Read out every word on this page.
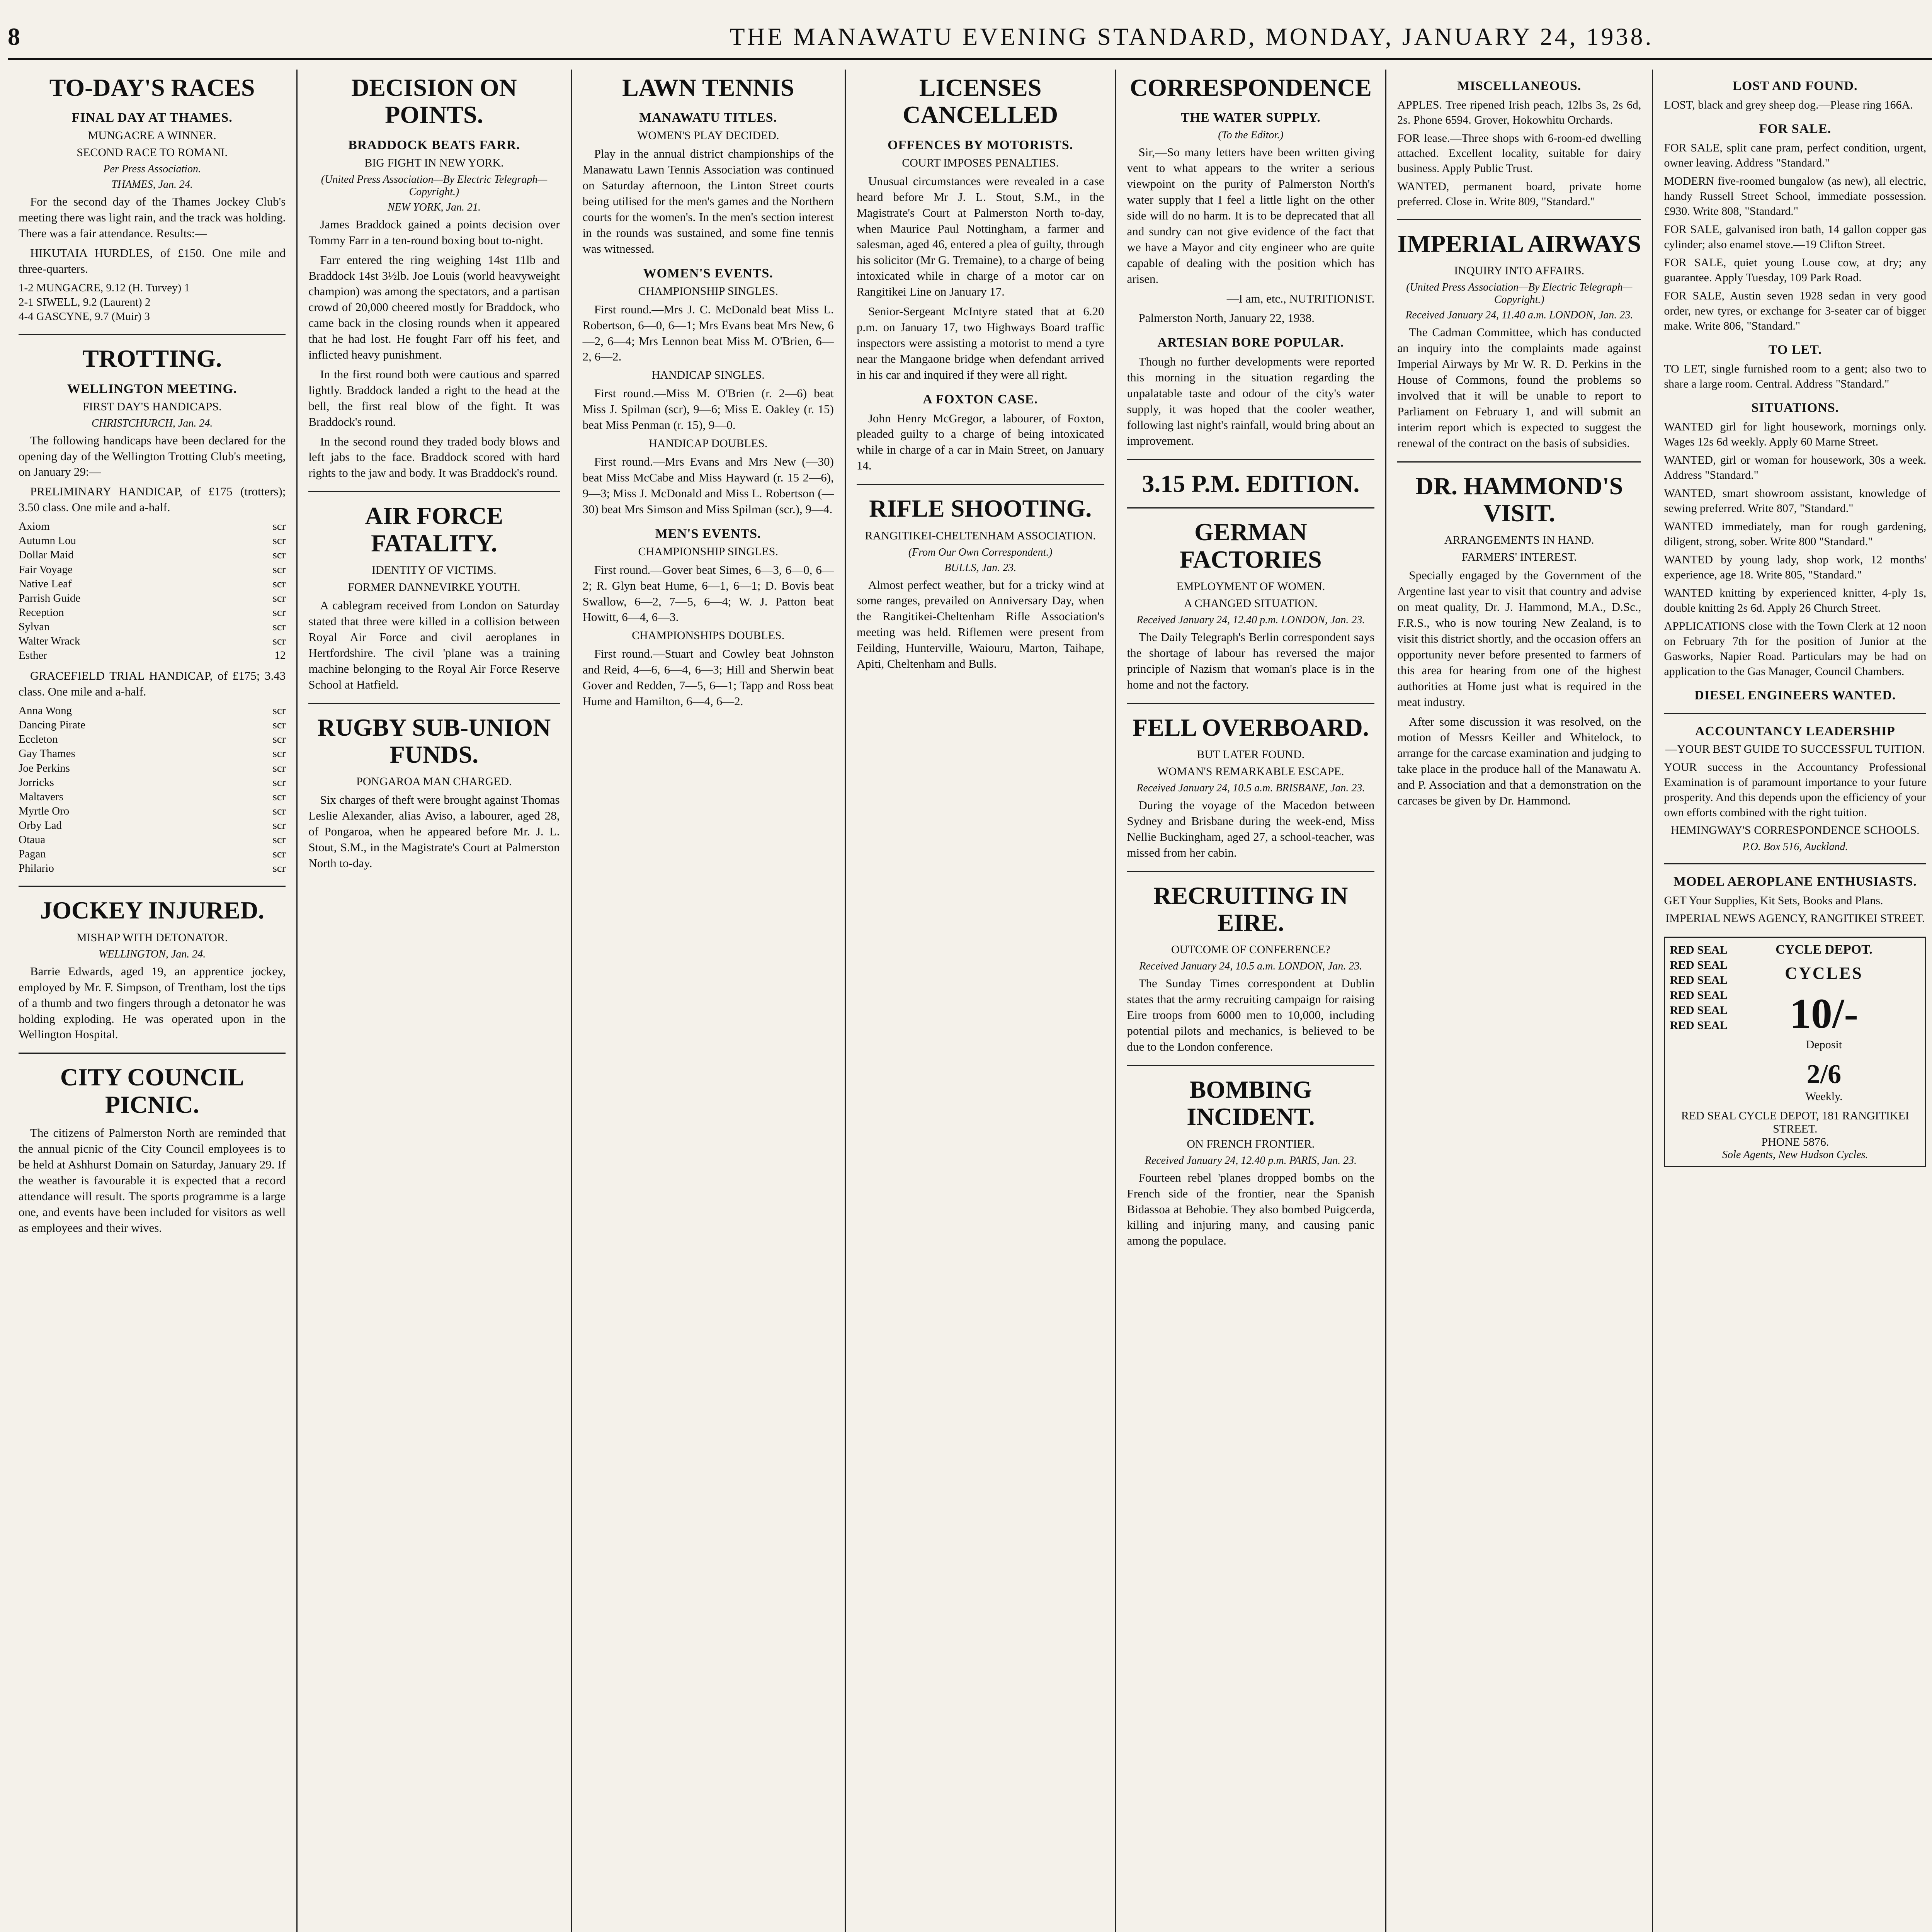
8	THE MANAWATU EVENING STANDARD, MONDAY, JANUARY 24, 1938.
TO-DAY'S RACES
FINAL DAY AT THAMES.
MUNGACRE A WINNER.
SECOND RACE TO ROMANI.
Per Press Association.
THAMES, Jan. 24.

For the second day of the Thames Jockey Club's meeting there was light rain, and the track was holding. There was a fair attendance. Results:—

HIKUTAIA HURDLES, of £150. One mile and three-quarters.

1-2 MUNGACRE, 9.12 (H. Turvey) 1
2-1 SIWELL, 9.2 (Laurent) 2
4-4 GASCYNE, 9.7 (Muir) 3
TROTTING.
WELLINGTON MEETING.
FIRST DAY'S HANDICAPS.
CHRISTCHURCH, Jan. 24.

The following handicaps have been declared for the opening day of the Wellington Trotting Club's meeting, on January 29:—

PRELIMINARY HANDICAP, of £175 (trotters); 3.50 class. One mile and a-half.

Axiom	scr
Autumn Lou	scr
Dollar Maid	scr
Fair Voyage	scr
Native Leaf	scr
Parrish Guide	scr
Reception	scr
Sylvan	scr
Walter Wrack	scr
Esther	12

GRACEFIELD TRIAL HANDICAP, of £175; 3.43 class. One mile and a-half.

Anna Wong	scr
Dancing Pirate	scr
Eccleton	scr
Gay Thames	scr
Joe Perkins	scr
Jorricks	scr
Maltavers	scr
Myrtle Oro	scr
Orby Lad	scr
Otaua	scr
Pagan	scr
Philario	scr
JOCKEY INJURED.
MISHAP WITH DETONATOR.
WELLINGTON, Jan. 24.

Barrie Edwards, aged 19, an apprentice jockey, employed by Mr. F. Simpson, of Trentham, lost the tips of a thumb and two fingers through a detonator he was holding exploding. He was operated upon in the Wellington Hospital.

CITY COUNCIL PICNIC.

The citizens of Palmerston North are reminded that the annual picnic of the City Council employees is to be held at Ashhurst Domain on Saturday, January 29. If the weather is favourable it is expected that a record attendance will result. The sports programme is a large one, and events have been included for visitors as well as employees and their wives.

DECISION ON POINTS.
BRADDOCK BEATS FARR.
BIG FIGHT IN NEW YORK.
(United Press Association—By Electric Telegraph—Copyright.)
NEW YORK, Jan. 21.

James Braddock gained a points decision over Tommy Farr in a ten-round boxing bout to-night.

Farr entered the ring weighing 14st 11lb and Braddock 14st 3½lb. Joe Louis (world heavyweight champion) was among the spectators, and a partisan crowd of 20,000 cheered mostly for Braddock, who came back in the closing rounds when it appeared that he had lost. He fought Farr off his feet, and inflicted heavy punishment.

In the first round both were cautious and sparred lightly. Braddock landed a right to the head at the bell, the first real blow of the fight. It was Braddock's round.

In the second round they traded body blows and left jabs to the face. Braddock scored with hard rights to the jaw and body. It was Braddock's round.

AIR FORCE FATALITY.
IDENTITY OF VICTIMS.
FORMER DANNEVIRKE YOUTH.

A cablegram received from London on Saturday stated that three were killed in a collision between Royal Air Force and civil aeroplanes in Hertfordshire. The civil 'plane was a training machine belonging to the Royal Air Force Reserve School at Hatfield.

RUGBY SUB-UNION FUNDS.
PONGAROA MAN CHARGED.

Six charges of theft were brought against Thomas Leslie Alexander, alias Aviso, a labourer, aged 28, of Pongaroa, when he appeared before Mr. J. L. Stout, S.M., in the Magistrate's Court at Palmerston North to-day.

LAWN TENNIS
MANAWATU TITLES.
WOMEN'S PLAY DECIDED.

Play in the annual district championships of the Manawatu Lawn Tennis Association was continued on Saturday afternoon, the Linton Street courts being utilised for the men's games and the Northern courts for the women's. In the men's section interest in the rounds was sustained, and some fine tennis was witnessed.

WOMEN'S EVENTS.
CHAMPIONSHIP SINGLES.

First round.—Mrs J. C. McDonald beat Miss L. Robertson, 6—0, 6—1; Mrs Evans beat Mrs New, 6—2, 6—4; Mrs Lennon beat Miss M. O'Brien, 6—2, 6—2.

HANDICAP SINGLES.

First round.—Miss M. O'Brien (r. 2—6) beat Miss J. Spilman (scr), 9—6; Miss E. Oakley (r. 15) beat Miss Penman (r. 15), 9—0.

HANDICAP DOUBLES.

First round.—Mrs Evans and Mrs New (—30) beat Miss McCabe and Miss Hayward (r. 15 2—6), 9—3; Miss J. McDonald and Miss L. Robertson (—30) beat Mrs Simson and Miss Spilman (scr.), 9—4.

MEN'S EVENTS.
CHAMPIONSHIP SINGLES.

First round.—Gover beat Simes, 6—3, 6—0, 6—2; R. Glyn beat Hume, 6—1, 6—1; D. Bovis beat Swallow, 6—2, 7—5, 6—4; W. J. Patton beat Howitt, 6—4, 6—3.

CHAMPIONSHIPS DOUBLES.

First round.—Stuart and Cowley beat Johnston and Reid, 4—6, 6—4, 6—3; Hill and Sherwin beat Gover and Redden, 7—5, 6—1; Tapp and Ross beat Hume and Hamilton, 6—4, 6—2.

LICENSES CANCELLED
OFFENCES BY MOTORISTS.
COURT IMPOSES PENALTIES.

Unusual circumstances were revealed in a case heard before Mr J. L. Stout, S.M., in the Magistrate's Court at Palmerston North to-day, when Maurice Paul Nottingham, a farmer and salesman, aged 46, entered a plea of guilty, through his solicitor (Mr G. Tremaine), to a charge of being intoxicated while in charge of a motor car on Rangitikei Line on January 17.

Senior-Sergeant McIntyre stated that at 6.20 p.m. on January 17, two Highways Board traffic inspectors were assisting a motorist to mend a tyre near the Mangaone bridge when defendant arrived in his car and inquired if they were all right.

A FOXTON CASE.

John Henry McGregor, a labourer, of Foxton, pleaded guilty to a charge of being intoxicated while in charge of a car in Main Street, on January 14.

RIFLE SHOOTING.
RANGITIKEI-CHELTENHAM ASSOCIATION.
(From Our Own Correspondent.)
BULLS, Jan. 23.

Almost perfect weather, but for a tricky wind at some ranges, prevailed on Anniversary Day, when the Rangitikei-Cheltenham Rifle Association's meeting was held. Riflemen were present from Feilding, Hunterville, Waiouru, Marton, Taihape, Apiti, Cheltenham and Bulls.

CORRESPONDENCE
THE WATER SUPPLY.
(To the Editor.)

Sir,—So many letters have been written giving vent to what appears to the writer a serious viewpoint on the purity of Palmerston North's water supply that I feel a little light on the other side will do no harm. It is to be deprecated that all and sundry can not give evidence of the fact that we have a Mayor and city engineer who are quite capable of dealing with the position which has arisen.

—I am, etc., NUTRITIONIST.

Palmerston North, January 22, 1938.

ARTESIAN BORE POPULAR.

Though no further developments were reported this morning in the situation regarding the unpalatable taste and odour of the city's water supply, it was hoped that the cooler weather, following last night's rainfall, would bring about an improvement.

3.15 P.M. EDITION.
GERMAN FACTORIES
EMPLOYMENT OF WOMEN.
A CHANGED SITUATION.
Received January 24, 12.40 p.m. LONDON, Jan. 23.

The Daily Telegraph's Berlin correspondent says the shortage of labour has reversed the major principle of Nazism that woman's place is in the home and not the factory.

FELL OVERBOARD.
BUT LATER FOUND.
WOMAN'S REMARKABLE ESCAPE.
Received January 24, 10.5 a.m. BRISBANE, Jan. 23.

During the voyage of the Macedon between Sydney and Brisbane during the week-end, Miss Nellie Buckingham, aged 27, a school-teacher, was missed from her cabin.

RECRUITING IN EIRE.
OUTCOME OF CONFERENCE?
Received January 24, 10.5 a.m. LONDON, Jan. 23.

The Sunday Times correspondent at Dublin states that the army recruiting campaign for raising Eire troops from 6000 men to 10,000, including potential pilots and mechanics, is believed to be due to the London conference.

BOMBING INCIDENT.
ON FRENCH FRONTIER.
Received January 24, 12.40 p.m. PARIS, Jan. 23.

Fourteen rebel 'planes dropped bombs on the French side of the frontier, near the Spanish Bidassoa at Behobie. They also bombed Puigcerda, killing and injuring many, and causing panic among the populace.

MISCELLANEOUS.
APPLES. Tree ripened Irish peach, 12lbs 3s, 2s 6d, 2s. Phone 6594. Grover, Hokowhitu Orchards.
FOR lease.—Three shops with 6-room-ed dwelling attached. Excellent locality, suitable for dairy business. Apply Public Trust.
WANTED, permanent board, private home preferred. Close in. Write 809, "Standard."
IMPERIAL AIRWAYS
INQUIRY INTO AFFAIRS.
(United Press Association—By Electric Telegraph—Copyright.)
Received January 24, 11.40 a.m. LONDON, Jan. 23.

The Cadman Committee, which has conducted an inquiry into the complaints made against Imperial Airways by Mr W. R. D. Perkins in the House of Commons, found the problems so involved that it will be unable to report to Parliament on February 1, and will submit an interim report which is expected to suggest the renewal of the contract on the basis of subsidies.

DR. HAMMOND'S VISIT.
ARRANGEMENTS IN HAND.
FARMERS' INTEREST.

Specially engaged by the Government of the Argentine last year to visit that country and advise on meat quality, Dr. J. Hammond, M.A., D.Sc., F.R.S., who is now touring New Zealand, is to visit this district shortly, and the occasion offers an opportunity never before presented to farmers of this area for hearing from one of the highest authorities at Home just what is required in the meat industry.

After some discussion it was resolved, on the motion of Messrs Keiller and Whitelock, to arrange for the carcase examination and judging to take place in the produce hall of the Manawatu A. and P. Association and that a demonstration on the carcases be given by Dr. Hammond.

LOST AND FOUND.
LOST, black and grey sheep dog.—Please ring 166A.
FOR SALE.
FOR SALE, split cane pram, perfect condition, urgent, owner leaving. Address "Standard."
MODERN five-roomed bungalow (as new), all electric, handy Russell Street School, immediate possession. £930. Write 808, "Standard."
FOR SALE, galvanised iron bath, 14 gallon copper gas cylinder; also enamel stove.—19 Clifton Street.
FOR SALE, quiet young Louse cow, at dry; any guarantee. Apply Tuesday, 109 Park Road.
FOR SALE, Austin seven 1928 sedan in very good order, new tyres, or exchange for 3-seater car of bigger make. Write 806, "Standard."
TO LET.
TO LET, single furnished room to a gent; also two to share a large room. Central. Address "Standard."
SITUATIONS.
WANTED girl for light housework, mornings only. Wages 12s 6d weekly. Apply 60 Marne Street.
WANTED, girl or woman for housework, 30s a week. Address "Standard."
WANTED, smart showroom assistant, knowledge of sewing preferred. Write 807, "Standard."
WANTED immediately, man for rough gardening, diligent, strong, sober. Write 800 "Standard."
WANTED by young lady, shop work, 12 months' experience, age 18. Write 805, "Standard."
WANTED knitting by experienced knitter, 4-ply 1s, double knitting 2s 6d. Apply 26 Church Street.
APPLICATIONS close with the Town Clerk at 12 noon on February 7th for the position of Junior at the Gasworks, Napier Road. Particulars may be had on application to the Gas Manager, Council Chambers.
DIESEL ENGINEERS WANTED.
ACCOUNTANCY LEADERSHIP
—YOUR BEST GUIDE TO SUCCESSFUL TUITION.
YOUR success in the Accountancy Professional Examination is of paramount importance to your future prosperity. And this depends upon the efficiency of your own efforts combined with the right tuition.
HEMINGWAY'S CORRESPONDENCE SCHOOLS.
P.O. Box 516, Auckland.
MODEL AEROPLANE ENTHUSIASTS.
GET Your Supplies, Kit Sets, Books and Plans.
IMPERIAL NEWS AGENCY, RANGITIKEI STREET.
RED SEAL
RED SEAL
RED SEAL
RED SEAL
RED SEAL
RED SEAL
CYCLE DEPOT.
CYCLES
10/-
Deposit
2/6
Weekly.
RED SEAL CYCLE DEPOT, 181 RANGITIKEI STREET.
PHONE 5876.
Sole Agents, New Hudson Cycles.
